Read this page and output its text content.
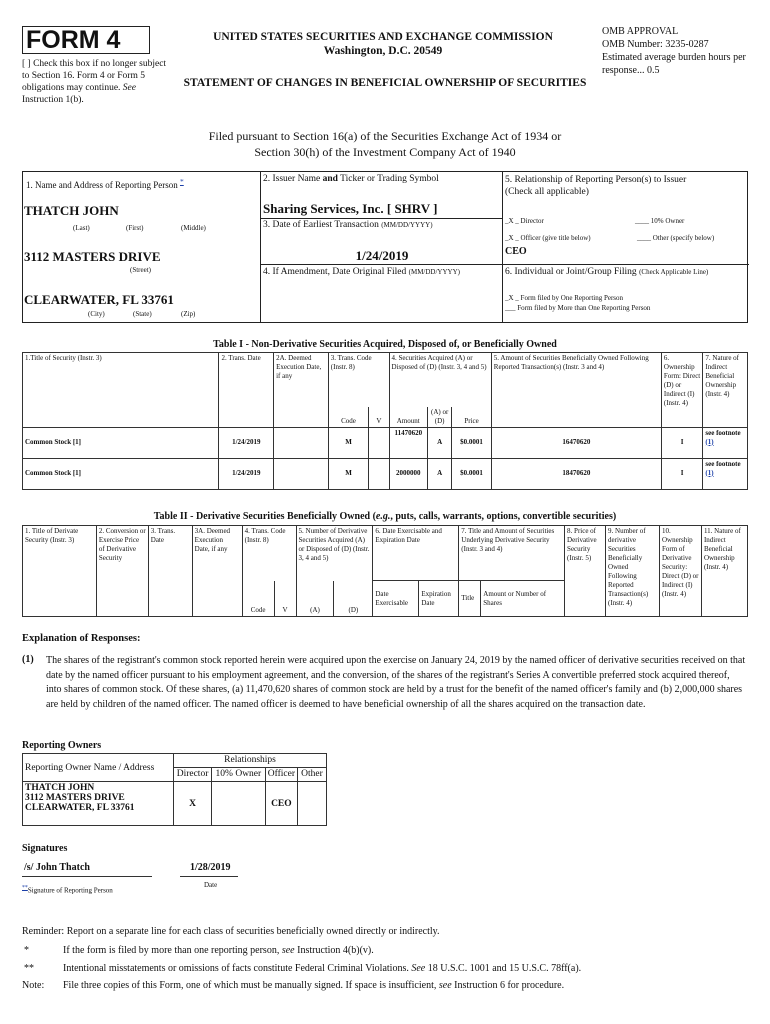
FORM 4
[ ] Check this box if no longer subject to Section 16. Form 4 or Form 5 obligations may continue. See Instruction 1(b).
UNITED STATES SECURITIES AND EXCHANGE COMMISSION
Washington, D.C. 20549
STATEMENT OF CHANGES IN BENEFICIAL OWNERSHIP OF SECURITIES
OMB APPROVAL
OMB Number: 3235-0287
Estimated average burden hours per response... 0.5
Filed pursuant to Section 16(a) of the Securities Exchange Act of 1934 or
Section 30(h) of the Investment Company Act of 1940
1. Name and Address of Reporting Person *
THATCH JOHN
(Last)	(First)	(Middle)
3112 MASTERS DRIVE
(Street)
CLEARWATER, FL 33761
(City)	(State)	(Zip)
2. Issuer Name and Ticker or Trading Symbol
Sharing Services, Inc. [ SHRV ]
3. Date of Earliest Transaction (MM/DD/YYYY)
1/24/2019
4. If Amendment, Date Original Filed (MM/DD/YYYY)
5. Relationship of Reporting Person(s) to Issuer
(Check all applicable)
_X _ Director	____ 10% Owner
_X _ Officer (give title below)	____ Other (specify below)
CEO
6. Individual or Joint/Group Filing (Check Applicable Line)
_X _ Form filed by One Reporting Person
___ Form filed by More than One Reporting Person
Table I - Non-Derivative Securities Acquired, Disposed of, or Beneficially Owned
1.Title of Security (Instr. 3)	2. Trans. Date	2A. Deemed Execution Date, if any	3. Trans. Code (Instr. 8)		4. Securities Acquired (A) or Disposed of (D) (Instr. 3, 4 and 5)			5. Amount of Securities Beneficially Owned Following Reported Transaction(s) (Instr. 3 and 4)	6. Ownership Form: Direct (D) or Indirect (I) (Instr. 4)	7. Nature of Indirect Beneficial Ownership (Instr. 4)
			Code	V	Amount	(A) or (D)	Price			
Common Stock [1]	1/24/2019		M		11470620	A	$0.0001	16470620	I	see footnote
(1)

Common Stock [1]	1/24/2019		M		2000000	A	$0.0001	18470620	I	see footnote
(1)
Table II - Derivative Securities Beneficially Owned (e.g., puts, calls, warrants, options, convertible securities)
1. Title of Derivate Security (Instr. 3)	2. Conversion or Exercise Price of Derivative Security	3. Trans. Date	3A. Deemed Execution Date, if any	4. Trans. Code (Instr. 8)		5. Number of Derivative Securities Acquired (A) or Disposed of (D) (Instr. 3, 4 and 5)		6. Date Exercisable and Expiration Date		7. Title and Amount of Securities Underlying Derivative Security (Instr. 3 and 4)		8. Price of Derivative Security (Instr. 5)	9. Number of derivative Securities Beneficially Owned Following Reported Transaction(s) (Instr. 4)	10. Ownership Form of Derivative Security: Direct (D) or Indirect (I) (Instr. 4)	11. Nature of Indirect Beneficial Ownership (Instr. 4)
				Code	V	(A)	(D)	Date Exercisable	Expiration Date	Title	Amount or Number of Shares				
Explanation of Responses:
(1) The shares of the registrant's common stock reported herein were acquired upon the exercise on January 24, 2019 by the named officer of derivative securities received on that date by the named officer pursuant to his employment agreement, and the conversion, of the shares of the registrant's Series A convertible preferred stock acquired thereof, into shares of common stock. Of these shares, (a) 11,470,620 shares of common stock are held by a trust for the benefit of the named officer's family and (b) 2,000,000 shares are held by children of the named officer. The named officer is deemed to have beneficial ownership of all the shares acquired on the transaction date.
Reporting Owners
Reporting Owner Name / Address	Relationships			
	Director	10% Owner	Officer	Other

THATCH JOHN
3112 MASTERS DRIVE
CLEARWATER, FL 33761	X		CEO	
Signatures
/s/ John Thatch	1/28/2019
**Signature of Reporting Person
Date
Reminder: Report on a separate line for each class of securities beneficially owned directly or indirectly.
*	If the form is filed by more than one reporting person, see Instruction 4(b)(v).
**	Intentional misstatements or omissions of facts constitute Federal Criminal Violations. See 18 U.S.C. 1001 and 15 U.S.C. 78ff(a).
Note: File three copies of this Form, one of which must be manually signed. If space is insufficient, see Instruction 6 for procedure.
